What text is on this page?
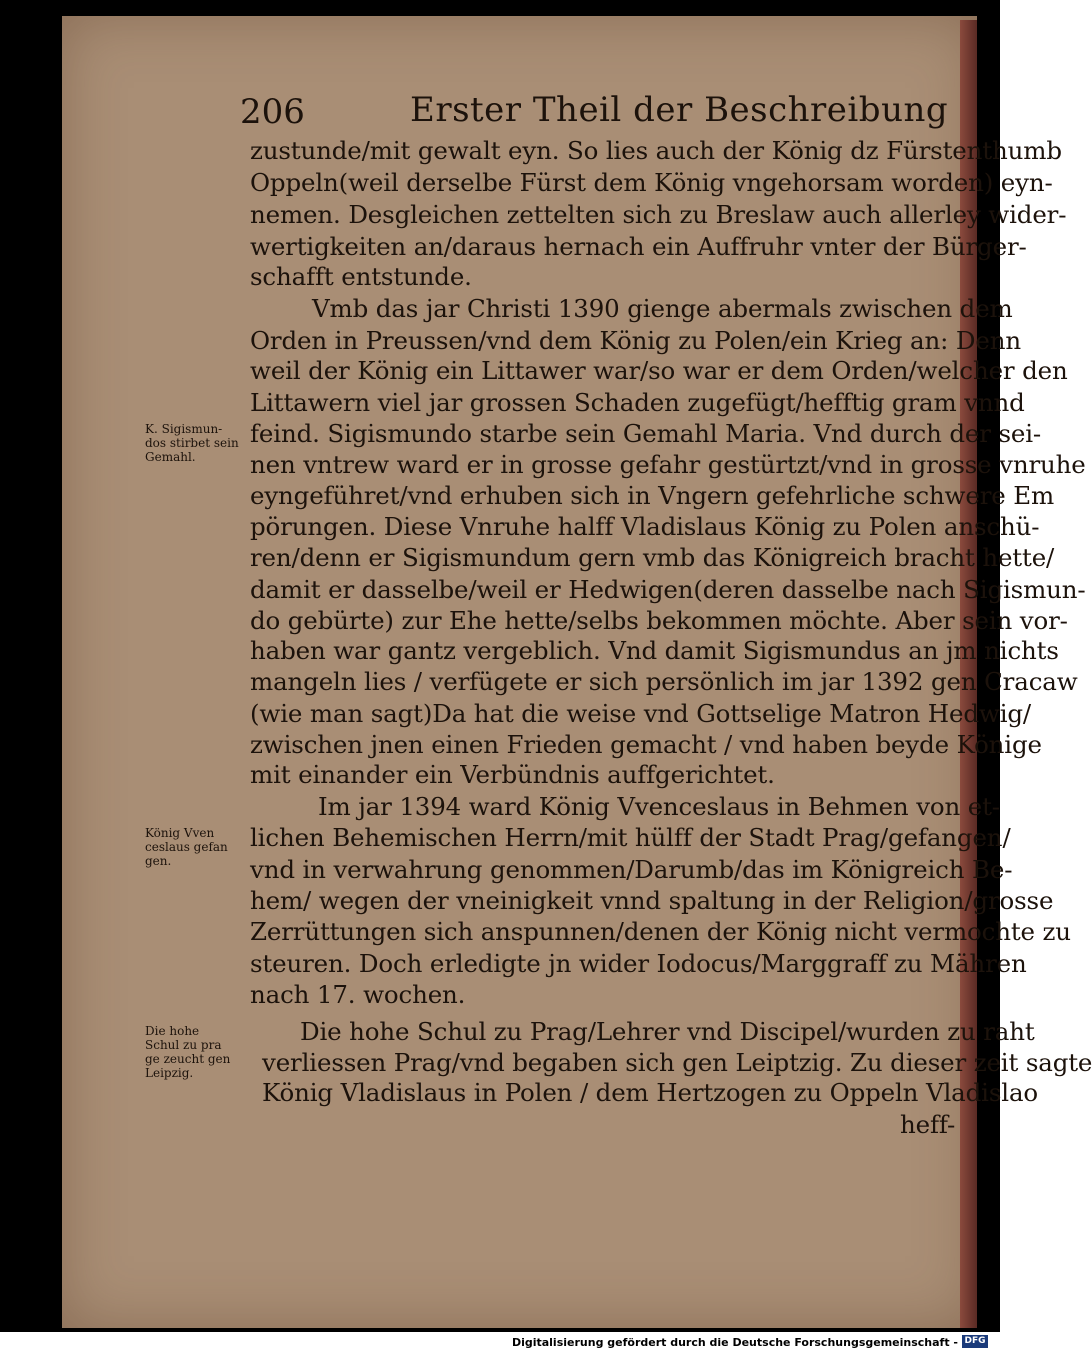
206	Erster Theil der Beschreibung
zustunde/mit gewalt eyn. So lies auch der König dz Fürstenthumb
Oppeln(weil derselbe Fürst dem König vngehorsam worden) eyn-
nemen. Desgleichen zettelten sich zu Breslaw auch allerley wider-
wertigkeiten an/daraus hernach ein Auffruhr vnter der Bürger-
schafft entstunde.
Vmb das jar Christi 1390 gienge abermals zwischen dem
Orden in Preussen/vnd dem König zu Polen/ein Krieg an: Denn
weil der König ein Littawer war/so war er dem Orden/welcher den
Littawern viel jar grossen Schaden zugefügt/hefftig gram vnnd
feind. Sigismundo starbe sein Gemahl Maria. Vnd durch der sei-
nen vntrew ward er in grosse gefahr gestürtzt/vnd in grosse vnruhe
eyngeführet/vnd erhuben sich in Vngern gefehrliche schwere Em
pörungen. Diese Vnruhe halff Vladislaus König zu Polen anschü-
ren/denn er Sigismundum gern vmb das Königreich bracht hette/
damit er dasselbe/weil er Hedwigen(deren dasselbe nach Sigismun-
do gebürte) zur Ehe hette/selbs bekommen möchte. Aber sein vor-
haben war gantz vergeblich. Vnd damit Sigismundus an jm nichts
mangeln lies / verfügete er sich persönlich im jar 1392 gen Cracaw
(wie man sagt)Da hat die weise vnd Gottselige Matron Hedwig/
zwischen jnen einen Frieden gemacht / vnd haben beyde Könige
mit einander ein Verbündnis auffgerichtet.
Im jar 1394 ward König Vvenceslaus in Behmen von et-
lichen Behemischen Herrn/mit hülff der Stadt Prag/gefangen/
vnd in verwahrung genommen/Darumb/das im Königreich Be-
hem/ wegen der vneinigkeit vnnd spaltung in der Religion/grosse
Zerrüttungen sich anspunnen/denen der König nicht vermochte zu
steuren. Doch erledigte jn wider Iodocus/Marggraff zu Mähren
nach 17. wochen.
Die hohe Schul zu Prag/Lehrer vnd Discipel/wurden zu raht
verliessen Prag/vnd begaben sich gen Leiptzig. Zu dieser zeit sagte
König Vladislaus in Polen / dem Hertzogen zu Oppeln Vladislao
heff-
K. Sigismun-
dos stirbet sein
Gemahl.
König Vven
ceslaus gefan
gen.
Die hohe
Schul zu pra
ge zeucht gen
Leipzig.
Digitalisierung gefördert durch die Deutsche Forschungsgemeinschaft - DFG
